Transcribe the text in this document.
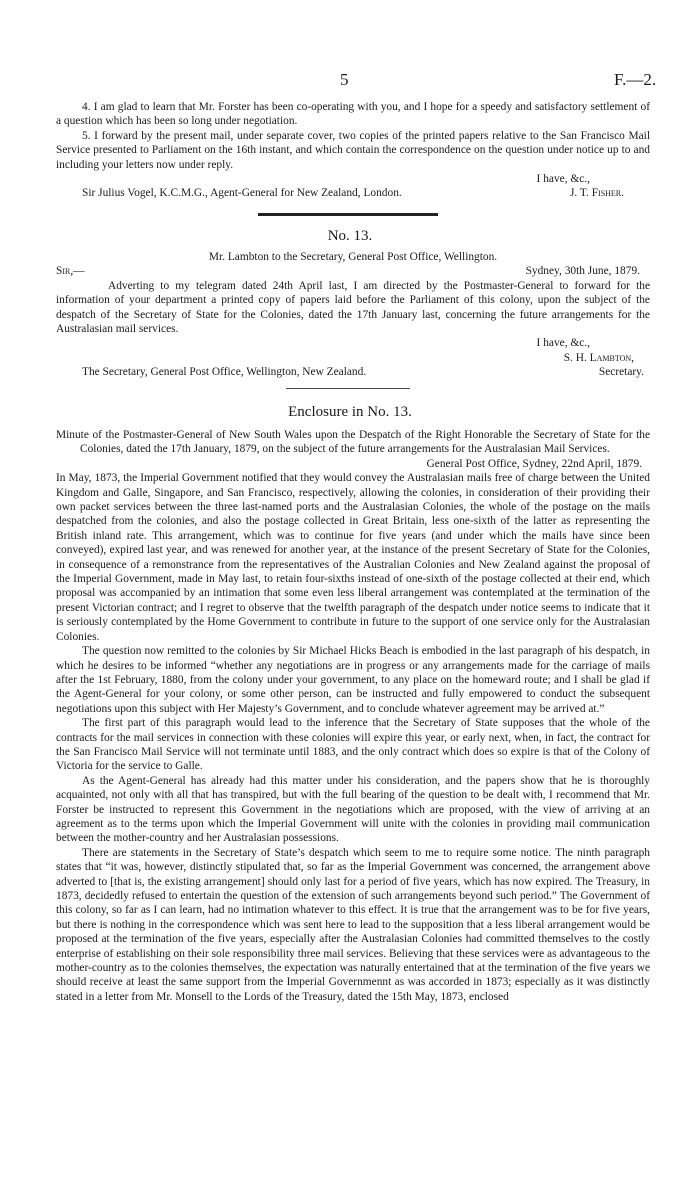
5	F.—2.

4. I am glad to learn that Mr. Forster has been co-operating with you, and I hope for a speedy and satisfactory settlement of a question which has been so long under negotiation.

5. I forward by the present mail, under separate cover, two copies of the printed papers relative to the San Francisco Mail Service presented to Parliament on the 16th instant, and which contain the correspondence on the question under notice up to and including your letters now under reply.

I have, &c.,

Sir Julius Vogel, K.C.M.G., Agent-General for New Zealand, London.	J. T. Fisher.
No. 13.

Mr. Lambton to the Secretary, General Post Office, Wellington.

Sir,—	Sydney, 30th June, 1879.

Adverting to my telegram dated 24th April last, I am directed by the Postmaster-General to forward for the information of your department a printed copy of papers laid before the Parliament of this colony, upon the subject of the despatch of the Secretary of State for the Colonies, dated the 17th January last, concerning the future arrangements for the Australasian mail services.

I have, &c.,

S. H. Lambton,

The Secretary, General Post Office, Wellington, New Zealand.	Secretary.
Enclosure in No. 13.

Minute of the Postmaster-General of New South Wales upon the Despatch of the Right Honorable the Secretary of State for the Colonies, dated the 17th January, 1879, on the subject of the future arrangements for the Australasian Mail Services.

General Post Office, Sydney, 22nd April, 1879.

In May, 1873, the Imperial Government notified that they would convey the Australasian mails free of charge between the United Kingdom and Galle, Singapore, and San Francisco, respectively, allowing the colonies, in consideration of their providing their own packet services between the three last-named ports and the Australasian Colonies, the whole of the postage on the mails despatched from the colonies, and also the postage collected in Great Britain, less one-sixth of the latter as representing the British inland rate. This arrangement, which was to continue for five years (and under which the mails have since been conveyed), expired last year, and was renewed for another year, at the instance of the present Secretary of State for the Colonies, in consequence of a remonstrance from the representatives of the Australian Colonies and New Zealand against the proposal of the Imperial Government, made in May last, to retain four-sixths instead of one-sixth of the postage collected at their end, which proposal was accompanied by an intimation that some even less liberal arrangement was contemplated at the termination of the present Victorian contract; and I regret to observe that the twelfth paragraph of the despatch under notice seems to indicate that it is seriously contemplated by the Home Government to contribute in future to the support of one service only for the Australasian Colonies.

The question now remitted to the colonies by Sir Michael Hicks Beach is embodied in the last paragraph of his despatch, in which he desires to be informed “whether any negotiations are in progress or any arrangements made for the carriage of mails after the 1st February, 1880, from the colony under your government, to any place on the homeward route; and I shall be glad if the Agent-General for your colony, or some other person, can be instructed and fully empowered to conduct the subsequent negotiations upon this subject with Her Majesty’s Government, and to conclude whatever agreement may be arrived at.”

The first part of this paragraph would lead to the inference that the Secretary of State supposes that the whole of the contracts for the mail services in connection with these colonies will expire this year, or early next, when, in fact, the contract for the San Francisco Mail Service will not terminate until 1883, and the only contract which does so expire is that of the Colony of Victoria for the service to Galle.

As the Agent-General has already had this matter under his consideration, and the papers show that he is thoroughly acquainted, not only with all that has transpired, but with the full bearing of the question to be dealt with, I recommend that Mr. Forster be instructed to represent this Government in the negotiations which are proposed, with the view of arriving at an agreement as to the terms upon which the Imperial Government will unite with the colonies in providing mail communication between the mother-country and her Australasian possessions.

There are statements in the Secretary of State’s despatch which seem to me to require some notice. The ninth paragraph states that “it was, however, distinctly stipulated that, so far as the Imperial Government was concerned, the arrangement above adverted to [that is, the existing arrangement] should only last for a period of five years, which has now expired. The Treasury, in 1873, decidedly refused to entertain the question of the extension of such arrangements beyond such period.” The Government of this colony, so far as I can learn, had no intimation whatever to this effect. It is true that the arrangement was to be for five years, but there is nothing in the correspondence which was sent here to lead to the supposition that a less liberal arrangement would be proposed at the termination of the five years, especially after the Australasian Colonies had committed themselves to the costly enterprise of establishing on their sole responsibility three mail services. Believing that these services were as advantageous to the mother-country as to the colonies themselves, the expectation was naturally entertained that at the termination of the five years we should receive at least the same support from the Imperial Governmennt as was accorded in 1873; especially as it was distinctly stated in a letter from Mr. Monsell to the Lords of the Treasury, dated the 15th May, 1873, enclosed
